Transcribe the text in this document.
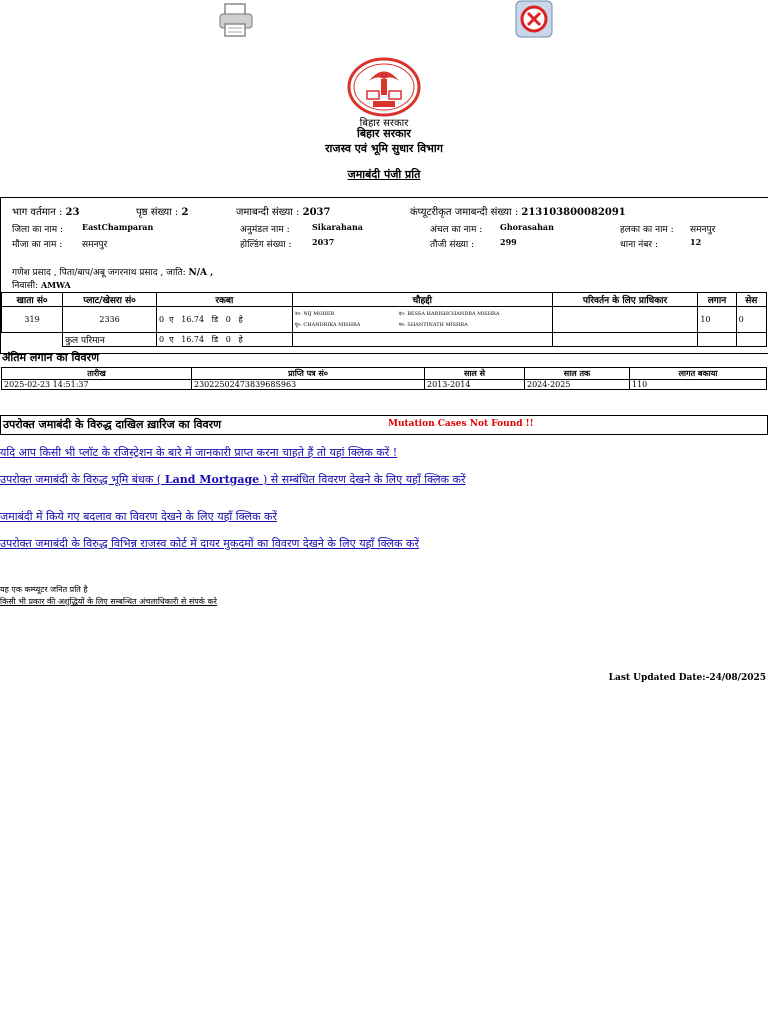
बिहार सरकार
बिहार सरकार
राजस्व एवं भूमि सुधार विभाग
जमाबंदी पंजी प्रति
भाग वर्तमान : 23	पृष्ठ संख्या : 2	जमाबन्दी संख्या : 2037	कंप्यूटरीकृत जमाबन्दी संख्या : 213103800082091
जिला का नाम : EastChamparan	अनुमंडल नाम :	Sikarahana	अंचल का नाम : Ghorasahan	हलका का नाम : समनपुर
मौजा का नाम : समनपुर	होल्डिंग संख्या :	2037	तौजी संख्या :	299	थाना नंबर :	12
गणेश प्रसाद , पिता/बाप/अबू जगरनाथ प्रसाद , जाति: N/A ,
निवासी: AMWA
खाता सं०	प्लाट/खेसरा सं०	रकबा	चौहद्दी	परिवर्तन के लिए प्राधिकार	लगान	सेस
319	2336	0  ए   16.74   डि   0   हे	उ०: NIJ MOHER द०: BESSA HARISHCHANDRA MISHRA
पू०: CHANDRIKA MISHRA प०: SHANTINATH MISHRA		10	0
	कुल परिमान	0  ए   16.74   डि   0   हे				
अंतिम लगान का विवरण
तारीख	प्राप्ति पत्र सं०	साल से	साल तक	लागत बकाया
2025-02-23 14:51:37	2302250247383968S963	2013-2014	2024-2025	110
उपरोक्त जमाबंदी के विरुद्ध दाखिल ख़ारिज का विवरण	Mutation Cases Not Found !!
यदि आप किसी भी प्लॉट के रजिस्ट्रेशन के बारे में जानकारी प्राप्त करना चाहते हैं तो यहां क्लिक करें !
उपरोक्त जमाबंदी के विरुद्ध भूमि बंधक ( Land Mortgage ) से सम्बंधित विवरण देखने के लिए यहाँ क्लिक करें
जमाबंदी में किये गए बदलाव का विवरण देखने के लिए यहाँ क्लिक करें
उपरोक्त जमाबंदी के विरुद्ध विभिन्न राजस्व कोर्ट में दायर मुकदमों का विवरण देखने के लिए यहाँ क्लिक करें
यह एक कम्प्यूटर जनित प्रति है
किसी भी प्रकार की अशुद्धियों के लिए सम्बन्धित अंचलाधिकारी से संपर्क करे
Last Updated Date:-24/08/2025
